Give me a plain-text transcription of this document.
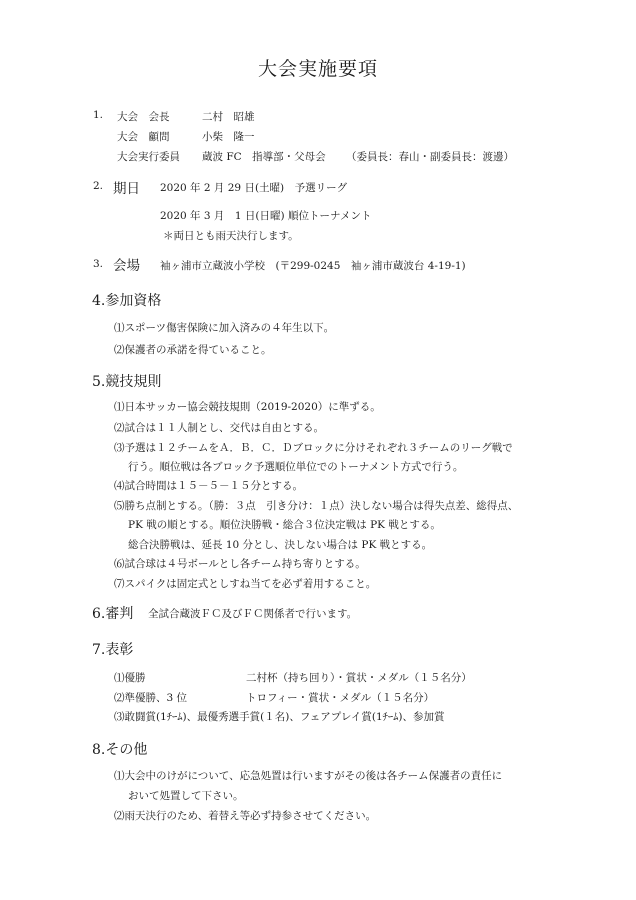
大会実施要項
1. 大会　会長	二村　昭雄
大会　顧問	小柴　隆一
大会実行委員 蔵波 FC　指導部・父母会 （委員長：春山・副委員長：渡邊）
2. 期日 2020 年 2 月 29 日(土曜)　予選リーグ
2020 年 3 月　1 日(日曜) 順位トーナメント
＊両日とも雨天決行します。
3. 会場 袖ヶ浦市立蔵波小学校　(〒299-0245　袖ヶ浦市蔵波台 4-19-1)
4.参加資格
⑴スポーツ傷害保険に加入済みの４年生以下。
⑵保護者の承諾を得ていること。
5.競技規則
⑴日本サッカー協会競技規則（2019-2020）に準ずる。
⑵試合は１１人制とし、交代は自由とする。
⑶予選は１２チームをＡ．Ｂ．Ｃ．Ｄブロックに分けそれぞれ３チームのリーグ戦で
行う。順位戦は各ブロック予選順位単位でのトーナメント方式で行う。
⑷試合時間は１５－５－１５分とする。
⑸勝ち点制とする。（勝：３点　引き分け：１点）決しない場合は得失点差、総得点、
PK 戦の順とする。順位決勝戦・総合３位決定戦は PK 戦とする。
総合決勝戦は、延長 10 分とし、決しない場合は PK 戦とする。
⑹試合球は４号ボールとし各チーム持ち寄りとする。
⑺スパイクは固定式としすね当てを必ず着用すること。
6.審判 全試合蔵波ＦＣ及びＦＣ関係者で行います。
7.表彰
⑴優勝	二村杯（持ち回り）・賞状・メダル（１５名分）
⑵準優勝、3 位	トロフィー・賞状・メダル（１５名分）
⑶敢闘賞(1ﾁｰﾑ)、最優秀選手賞(１名)、フェアプレイ賞(1ﾁｰﾑ)、参加賞
8.その他
⑴大会中のけがについて、応急処置は行いますがその後は各チーム保護者の責任に
おいて処置して下さい。
⑵雨天決行のため、着替え等必ず持参させてください。
